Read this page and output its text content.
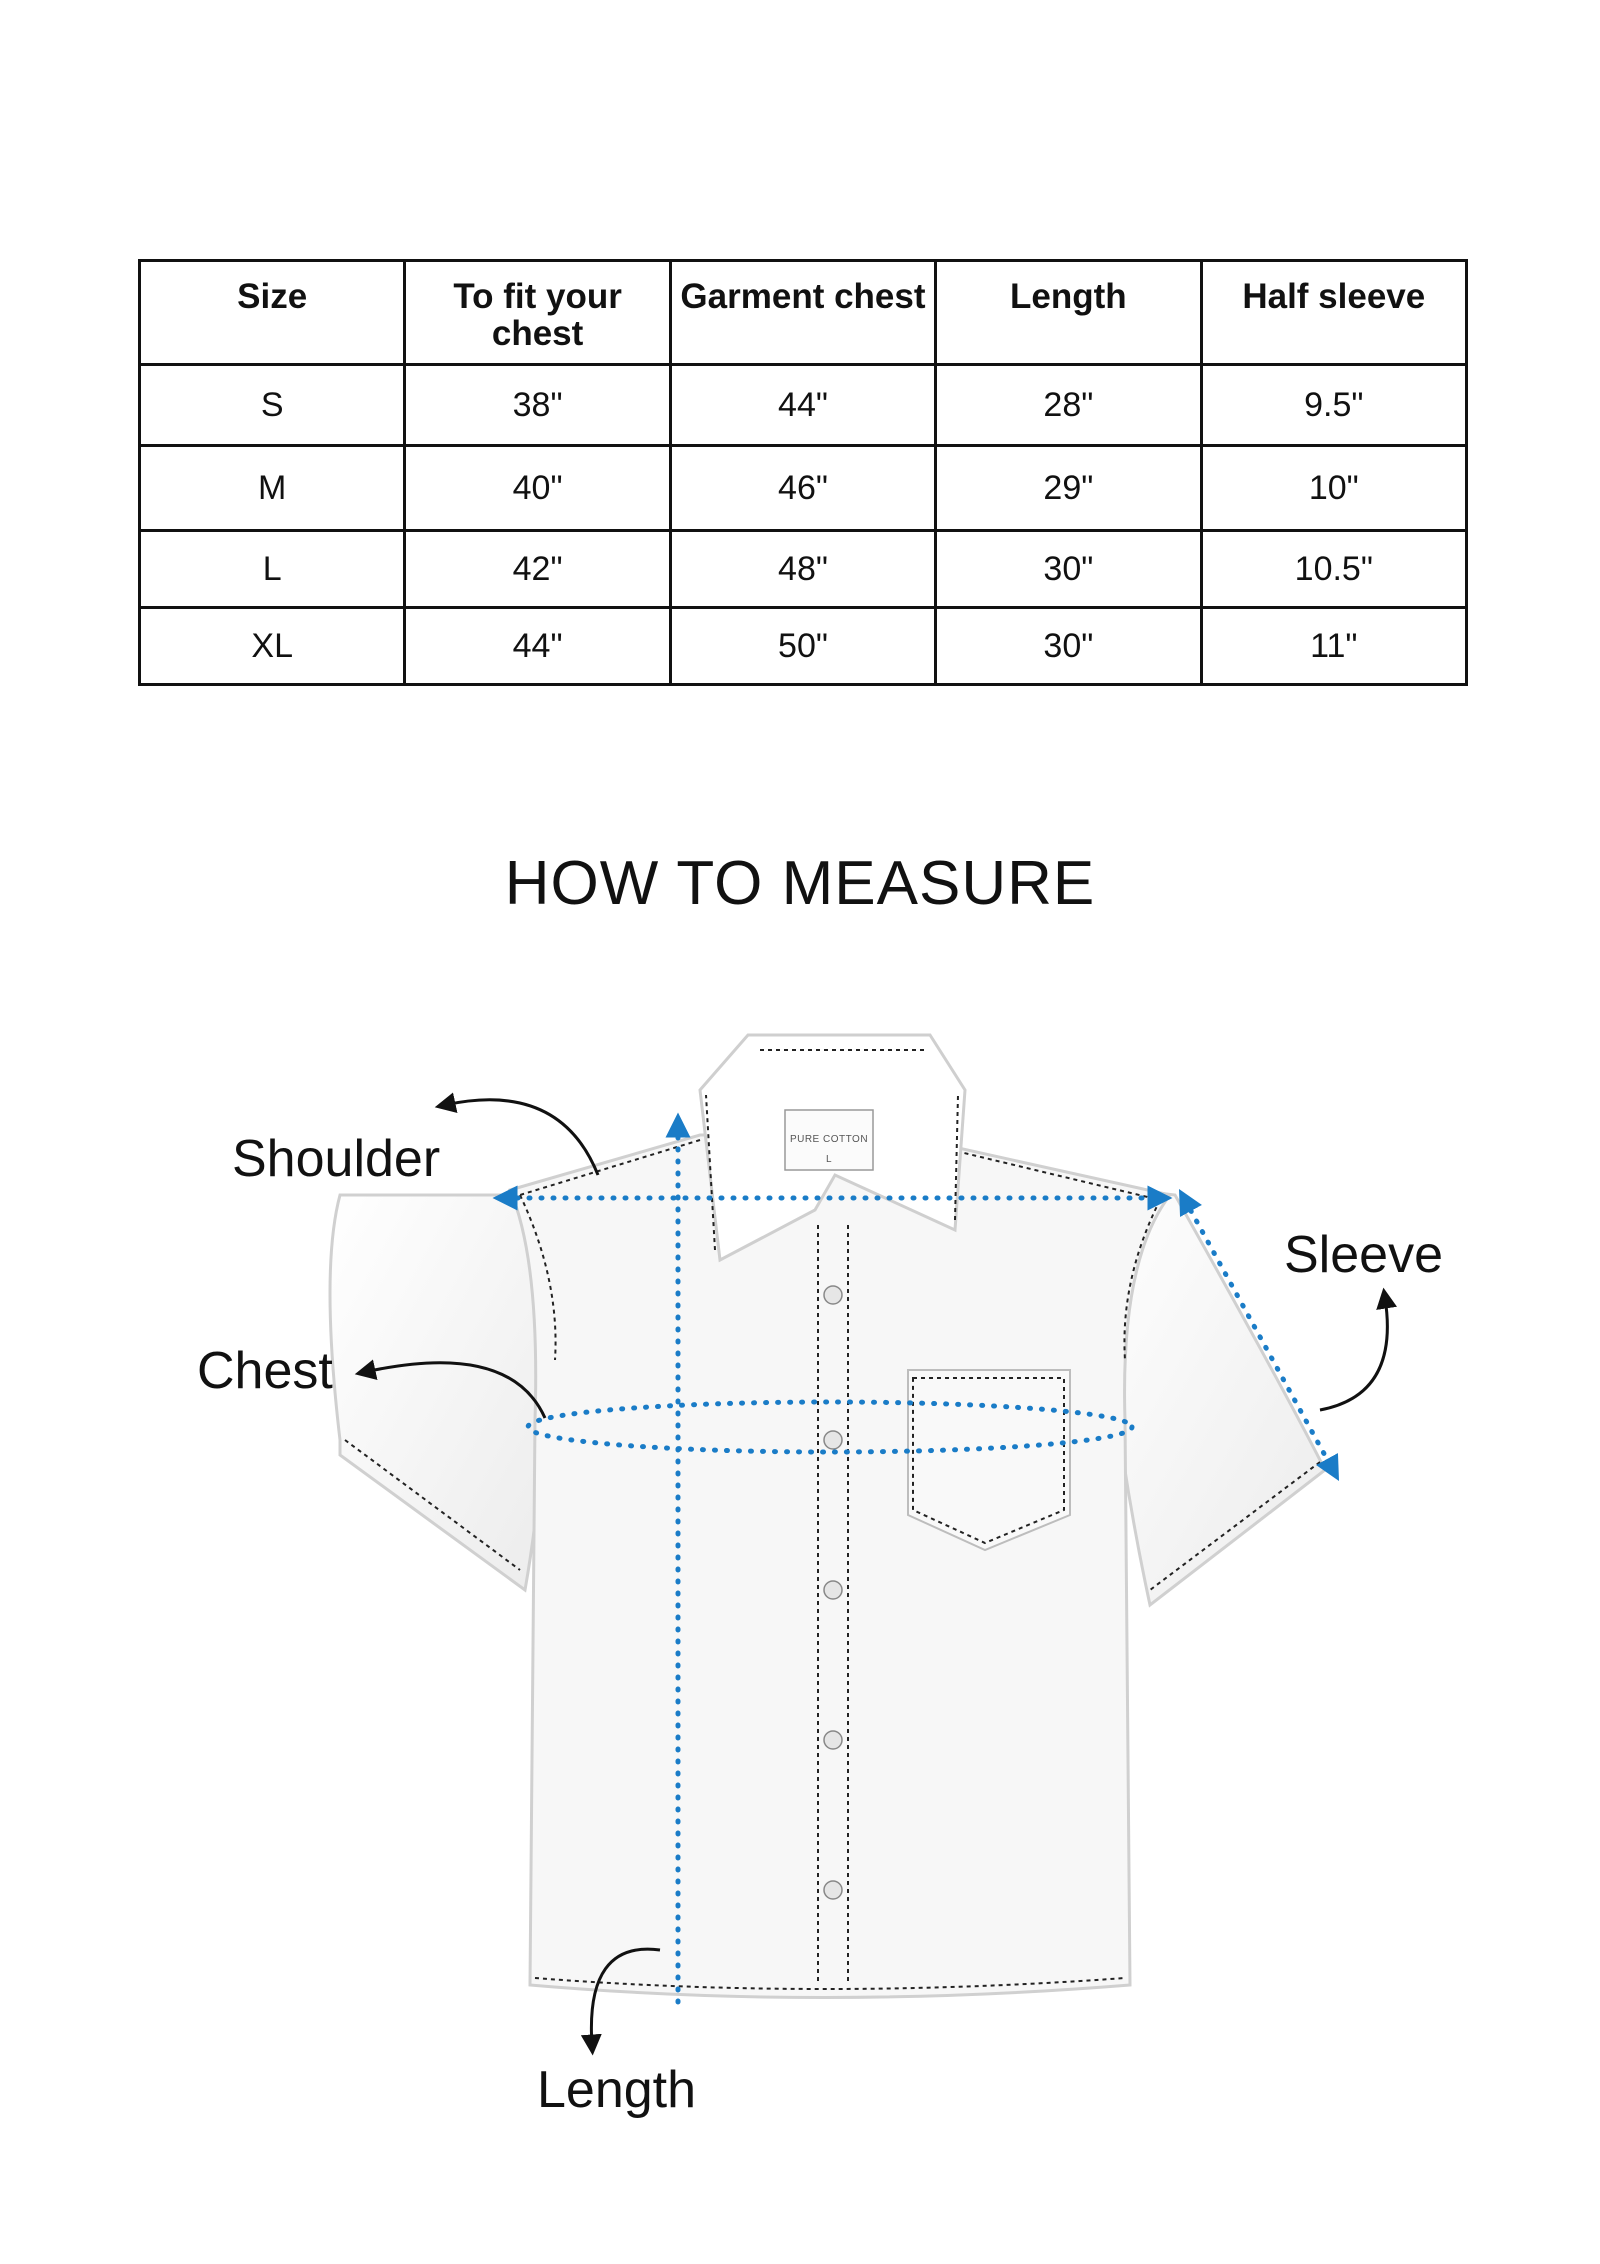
Size	To fit your chest	Garment chest	Length	Half sleeve
S	38"	44"	28"	9.5"
M	40"	46"	29"	10"
L	42"	48"	30"	10.5"
XL	44"	50"	30"	11"
HOW TO MEASURE
PURE COTTON
L
Shoulder
Chest
Sleeve
Length
